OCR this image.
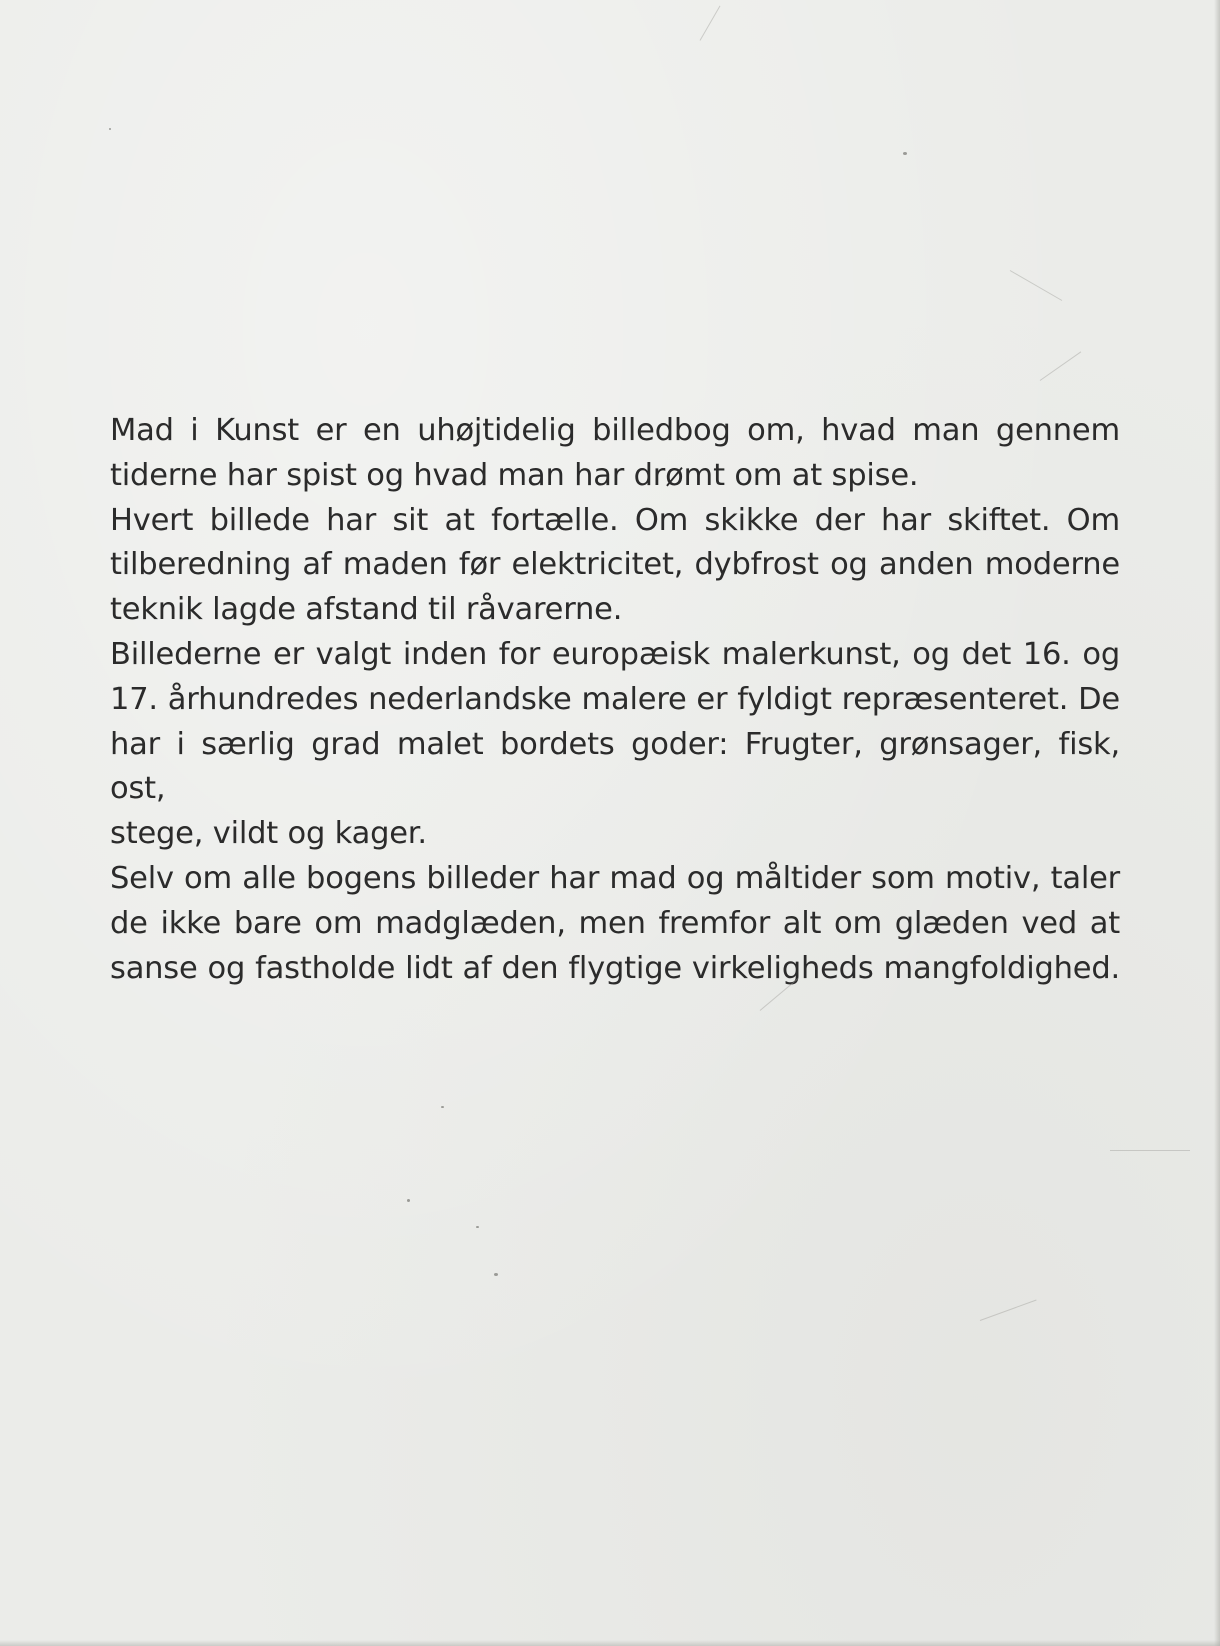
Mad i Kunst er en uhøjtidelig billedbog om, hvad man gennem
tiderne har spist og hvad man har drømt om at spise.
Hvert billede har sit at fortælle. Om skikke der har skiftet. Om
tilberedning af maden før elektricitet, dybfrost og anden moderne
teknik lagde afstand til råvarerne.
Billederne er valgt inden for europæisk malerkunst, og det 16. og
17. århundredes nederlandske malere er fyldigt repræsenteret. De
har i særlig grad malet bordets goder: Frugter, grønsager, fisk, ost,
stege, vildt og kager.
Selv om alle bogens billeder har mad og måltider som motiv, taler
de ikke bare om madglæden, men fremfor alt om glæden ved at
sanse og fastholde lidt af den flygtige virkeligheds mangfoldighed.
